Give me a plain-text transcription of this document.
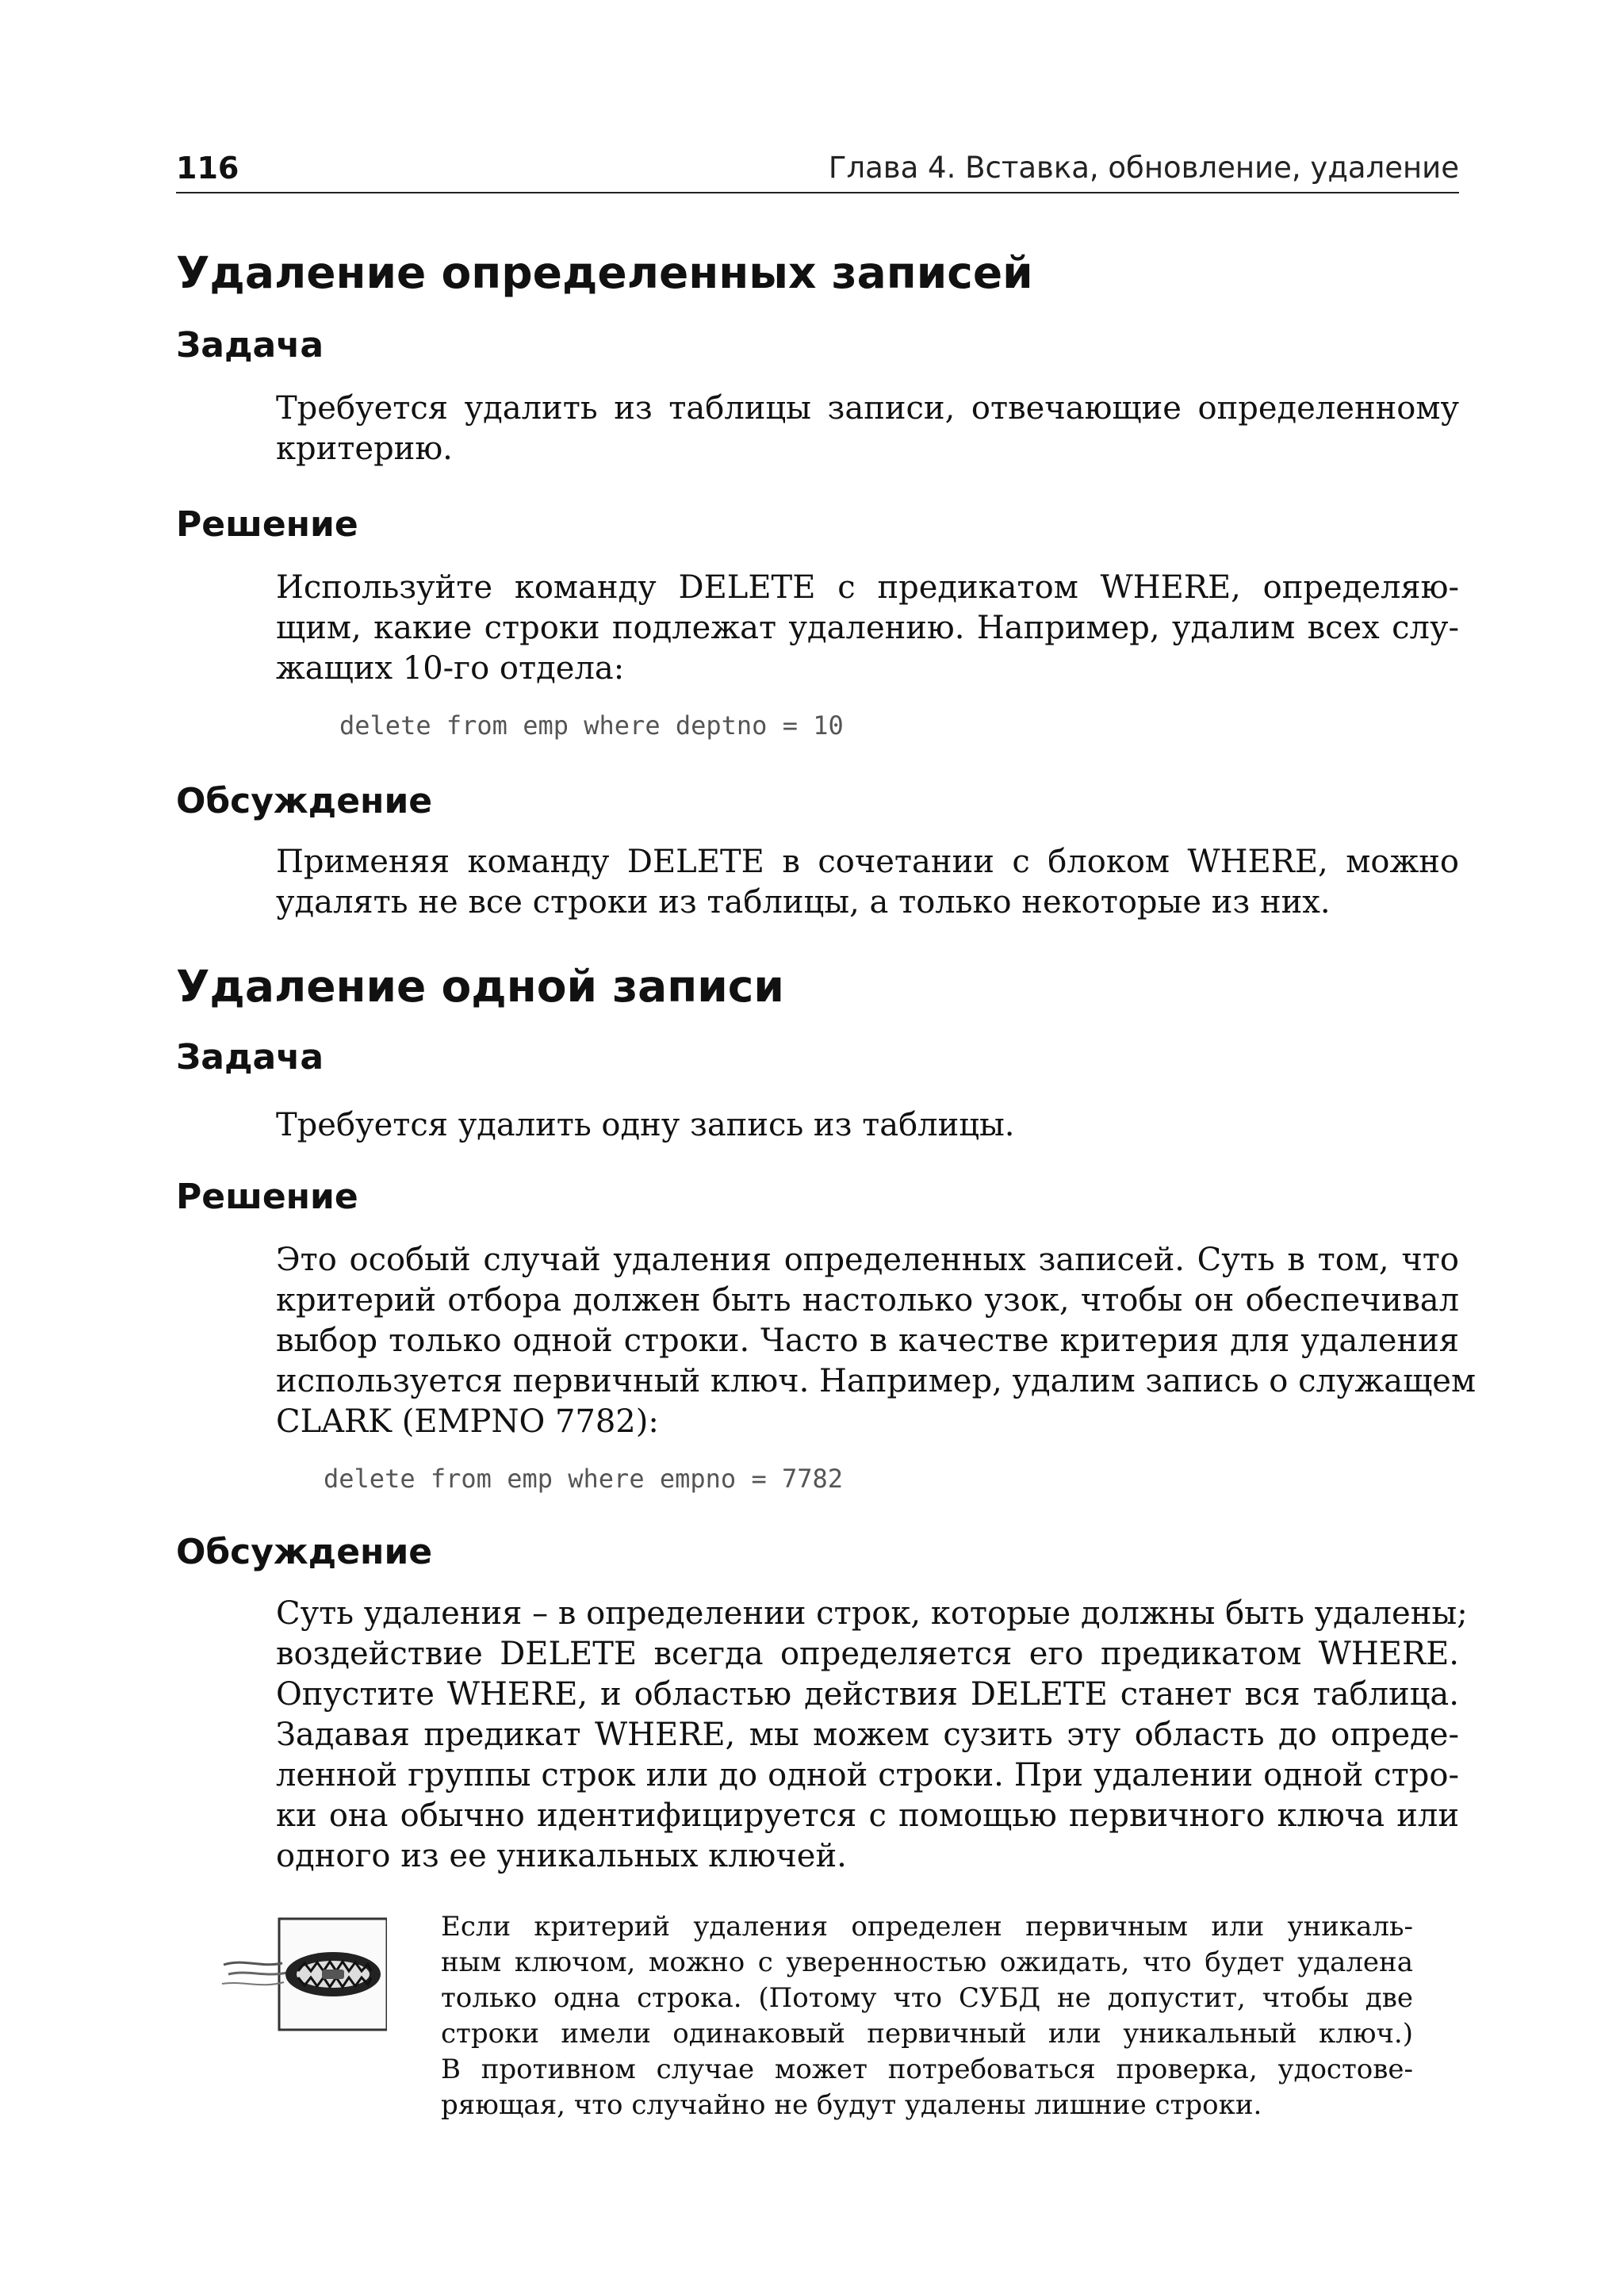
116	Глава 4. Вставка, обновление, удаление
Удаление определенных записей
Задача
Требуется удалить из таблицы записи, отвечающие определенному
критерию.
Решение
Используйте команду DELETE с предикатом WHERE, определяю-
щим, какие строки подлежат удалению. Например, удалим всех слу-
жащих 10-го отдела:
delete from emp where deptno = 10
Обсуждение
Применяя команду DELETE в сочетании с блоком WHERE, можно
удалять не все строки из таблицы, а только некоторые из них.
Удаление одной записи
Задача
Требуется удалить одну запись из таблицы.
Решение
Это особый случай удаления определенных записей. Суть в том, что
критерий отбора должен быть настолько узок, чтобы он обеспечивал
выбор только одной строки. Часто в качестве критерия для удаления
используется первичный ключ. Например, удалим запись о служащем
CLARK (EMPNO 7782):
delete from emp where empno = 7782
Обсуждение
Суть удаления – в определении строк, которые должны быть удалены;
воздействие DELETE всегда определяется его предикатом WHERE.
Опустите WHERE, и областью действия DELETE станет вся таблица.
Задавая предикат WHERE, мы можем сузить эту область до опреде-
ленной группы строк или до одной строки. При удалении одной стро-
ки она обычно идентифицируется с помощью первичного ключа или
одного из ее уникальных ключей.
Если критерий удаления определен первичным или уникаль-
ным ключом, можно с уверенностью ожидать, что будет удалена
только одна строка. (Потому что СУБД не допустит, чтобы две
строки имели одинаковый первичный или уникальный ключ.)
В противном случае может потребоваться проверка, удостове-
ряющая, что случайно не будут удалены лишние строки.
